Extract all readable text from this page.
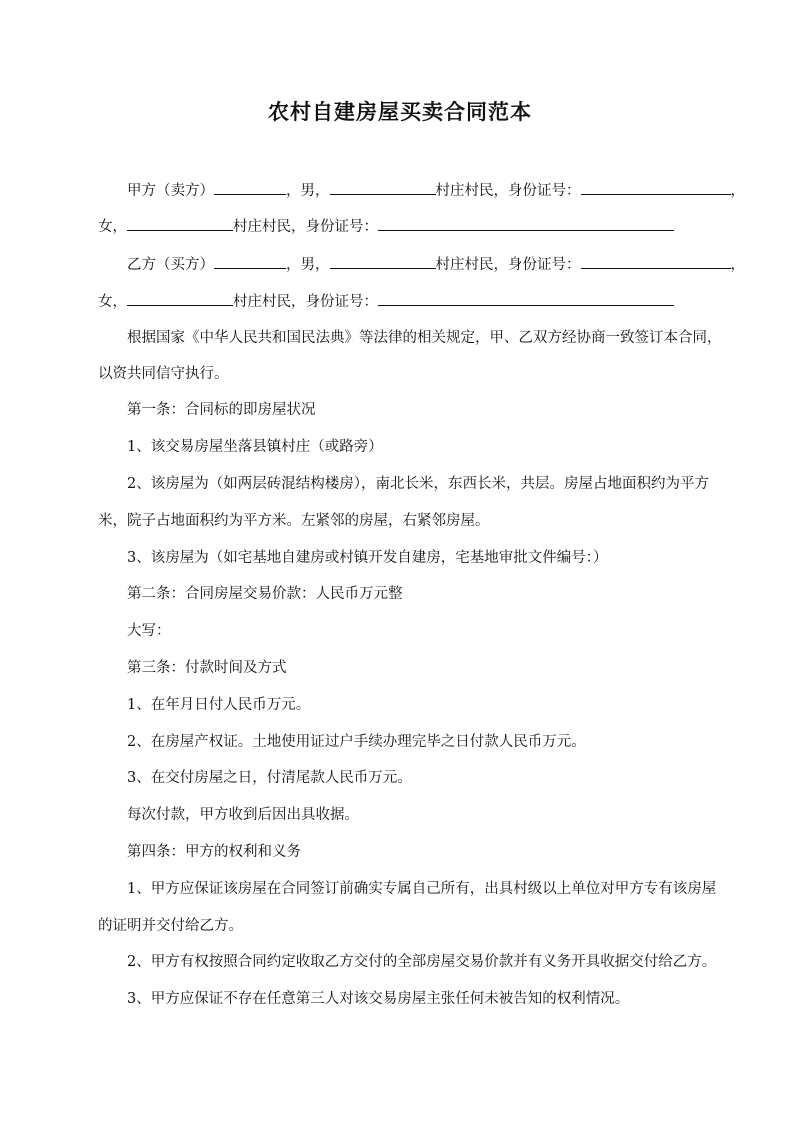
农村自建房屋买卖合同范本
甲方（卖方）	，男，	村庄村民，身份证号：	，
女，	村庄村民，身份证号：
乙方（买方）	，男，	村庄村民，身份证号：	，
女，	村庄村民，身份证号：
根据国家《中华人民共和国民法典》等法律的相关规定，甲、乙双方经协商一致签订本合同，
以资共同信守执行。
第一条：合同标的即房屋状况
1、该交易房屋坐落县镇村庄（或路旁）
2、该房屋为（如两层砖混结构楼房），南北长米，东西长米，共层。房屋占地面积约为平方
米，院子占地面积约为平方米。左紧邻的房屋，右紧邻房屋。
3、该房屋为（如宅基地自建房或村镇开发自建房，宅基地审批文件编号：）
第二条：合同房屋交易价款：人民币万元整
大写：
第三条：付款时间及方式
1、在年月日付人民币万元。
2、在房屋产权证。土地使用证过户手续办理完毕之日付款人民币万元。
3、在交付房屋之日，付清尾款人民币万元。
每次付款，甲方收到后因出具收据。
第四条：甲方的权利和义务
1、甲方应保证该房屋在合同签订前确实专属自己所有，出具村级以上单位对甲方专有该房屋
的证明并交付给乙方。
2、甲方有权按照合同约定收取乙方交付的全部房屋交易价款并有义务开具收据交付给乙方。
3、甲方应保证不存在任意第三人对该交易房屋主张任何未被告知的权利情况。
